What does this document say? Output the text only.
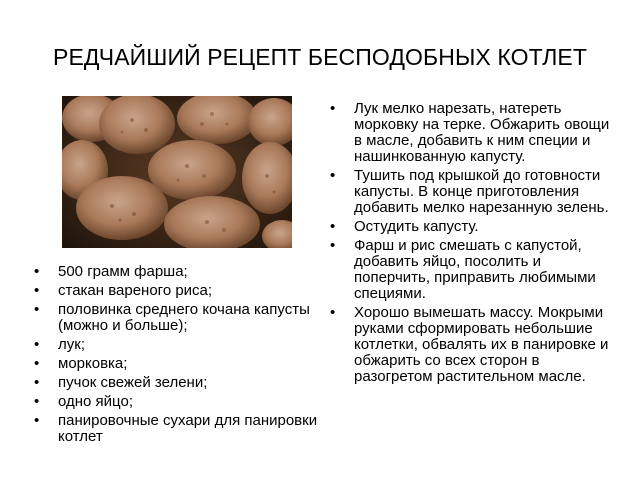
РЕДЧАЙШИЙ РЕЦЕПТ БЕСПОДОБНЫХ КОТЛЕТ
• Лук мелко нарезать, натереть морковку на терке. Обжарить овощи в масле, добавить к ним специи и нашинкованную капусту.
• Тушить под крышкой до готовности капусты. В конце приготовления добавить мелко нарезанную зелень.
• Остудить капусту.
• Фарш и рис смешать с капустой, добавить яйцо, посолить и поперчить, приправить любимыми специями.
• Хорошо вымешать массу. Мокрыми руками сформировать небольшие котлетки, обвалять их в панировке и обжарить со всех сторон в разогретом растительном масле.
• 500 грамм фарша;
• стакан вареного риса;
• половинка среднего кочана капусты (можно и больше);
• лук;
• морковка;
• пучок свежей зелени;
• одно яйцо;
• панировочные сухари для панировки котлет
